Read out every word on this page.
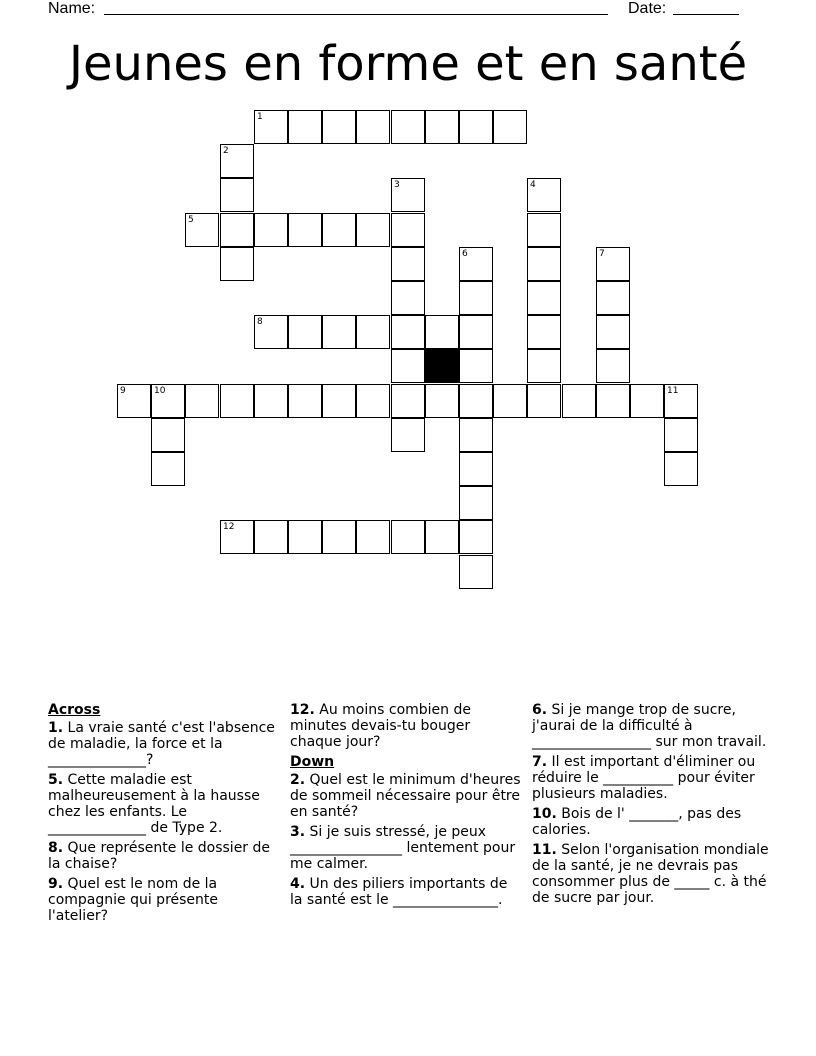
Name:	Date:
Jeunes en forme et en santé
1
2
3	4
5
6	7
8
9	10	11
12
Across
1. La vraie santé c'est l'absence de maladie, la force et la ______________?
5. Cette maladie est malheureusement à la hausse chez les enfants. Le ______________ de Type 2.
8. Que représente le dossier de la chaise?
9. Quel est le nom de la compagnie qui présente l'atelier?
12. Au moins combien de minutes devais-tu bouger chaque jour?
Down
2. Quel est le minimum d'heures de sommeil nécessaire pour être en santé?
3. Si je suis stressé, je peux ________________ lentement pour me calmer.
4. Un des piliers importants de la santé est le _______________.
6. Si je mange trop de sucre, j'aurai de la difficulté à _________________ sur mon travail.
7. Il est important d'éliminer ou réduire le __________ pour éviter plusieurs maladies.
10. Bois de l' _______, pas des calories.
11. Selon l'organisation mondiale de la santé, je ne devrais pas consommer plus de _____ c. à thé de sucre par jour.
